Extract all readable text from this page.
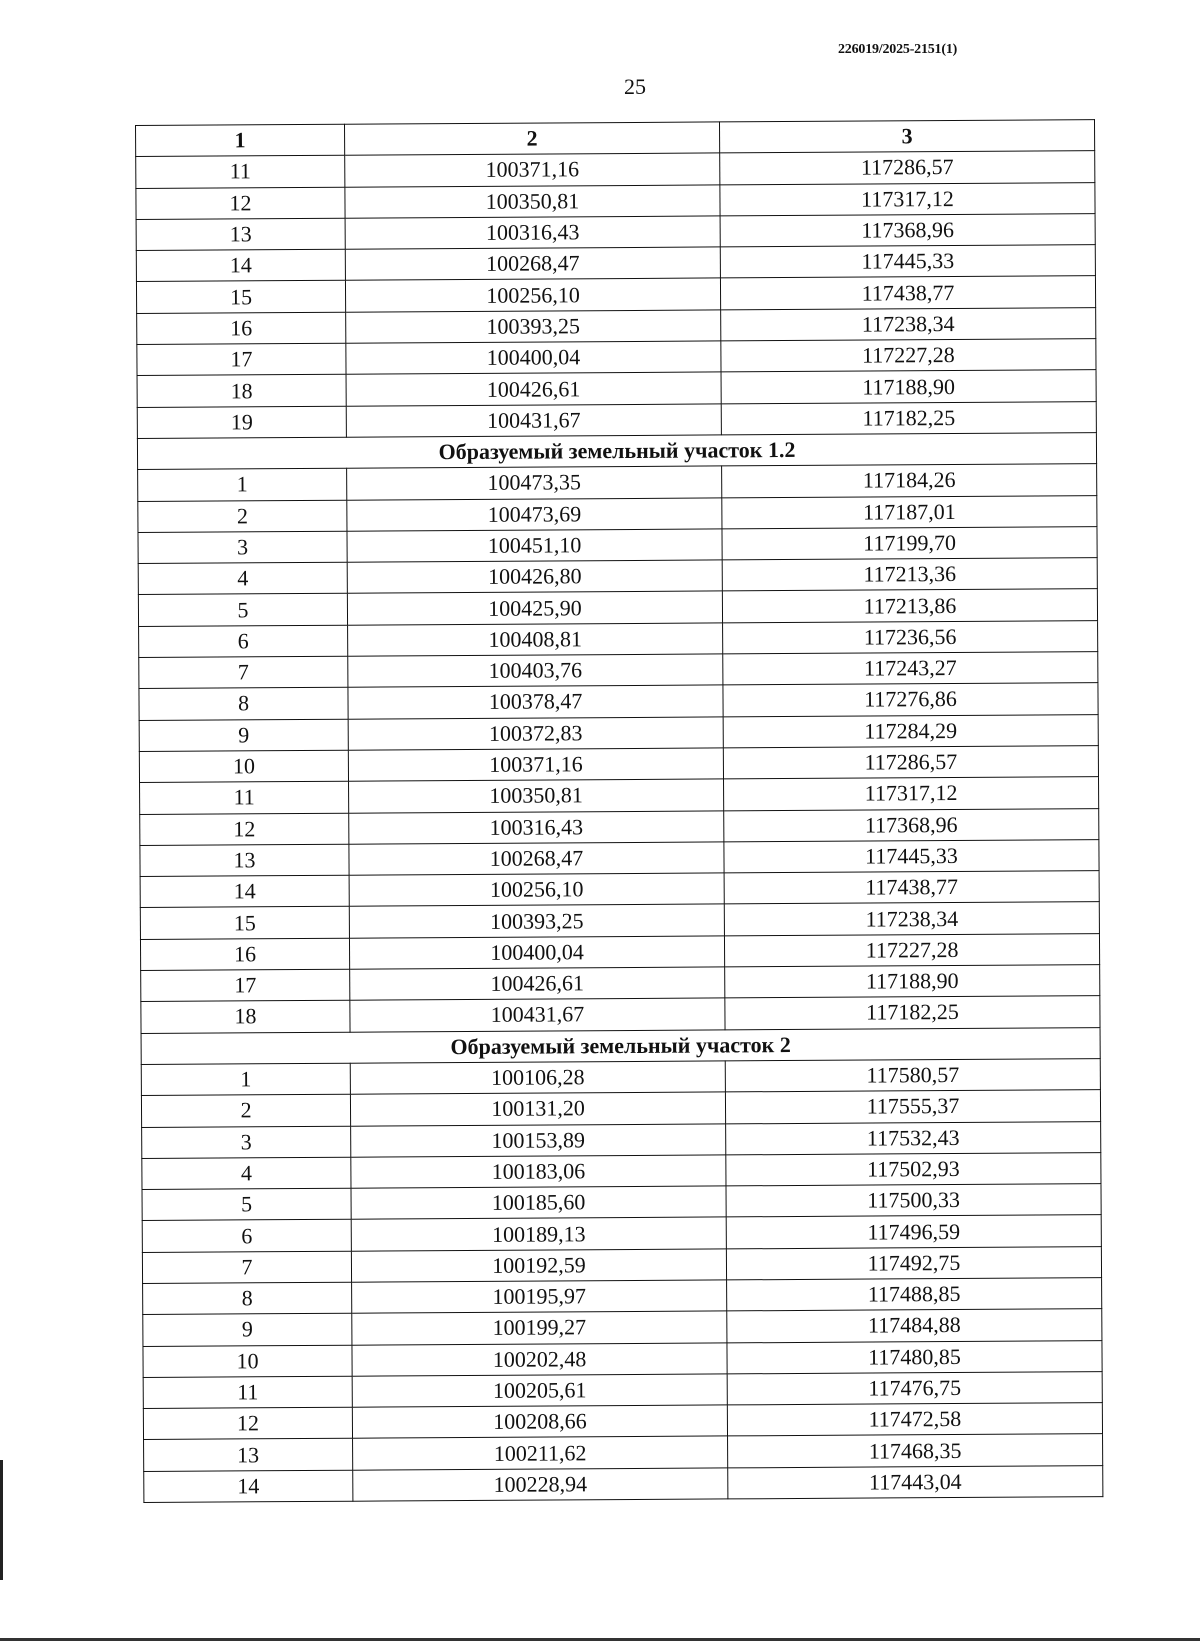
226019/2025-2151(1)
25
1	2	3
11	100371,16	117286,57
12	100350,81	117317,12
13	100316,43	117368,96
14	100268,47	117445,33
15	100256,10	117438,77
16	100393,25	117238,34
17	100400,04	117227,28
18	100426,61	117188,90
19	100431,67	117182,25
Образуемый земельный участок 1.2		
1	100473,35	117184,26
2	100473,69	117187,01
3	100451,10	117199,70
4	100426,80	117213,36
5	100425,90	117213,86
6	100408,81	117236,56
7	100403,76	117243,27
8	100378,47	117276,86
9	100372,83	117284,29
10	100371,16	117286,57
11	100350,81	117317,12
12	100316,43	117368,96
13	100268,47	117445,33
14	100256,10	117438,77
15	100393,25	117238,34
16	100400,04	117227,28
17	100426,61	117188,90
18	100431,67	117182,25
Образуемый земельный участок 2		
1	100106,28	117580,57
2	100131,20	117555,37
3	100153,89	117532,43
4	100183,06	117502,93
5	100185,60	117500,33
6	100189,13	117496,59
7	100192,59	117492,75
8	100195,97	117488,85
9	100199,27	117484,88
10	100202,48	117480,85
11	100205,61	117476,75
12	100208,66	117472,58
13	100211,62	117468,35
14	100228,94	117443,04
